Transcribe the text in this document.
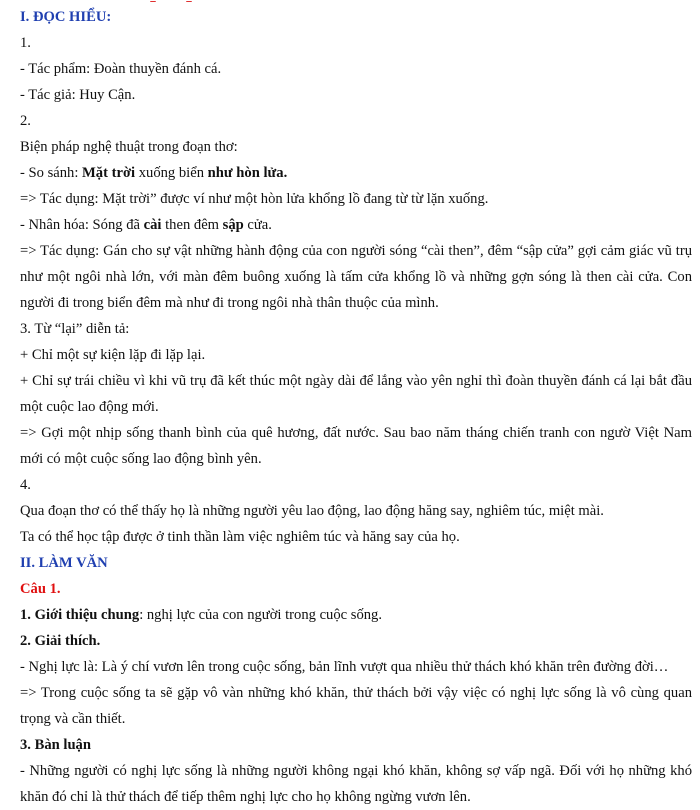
I. ĐỌC HIỂU:
1.
- Tác phẩm: Đoàn thuyền đánh cá.
- Tác giả: Huy Cận.
2.
Biện pháp nghệ thuật trong đoạn thơ:
- So sánh: Mặt trời xuống biển như hòn lửa.
=> Tác dụng: Mặt trời” được ví như một hòn lửa khổng lồ đang từ từ lặn xuống.
- Nhân hóa: Sóng đã cài then đêm sập cửa.
=> Tác dụng: Gán cho sự vật những hành động của con người sóng “cài then”, đêm “sập cửa” gợi cảm giác vũ trụ như một ngôi nhà lớn, với màn đêm buông xuống là tấm cửa khổng lồ và những gợn sóng là then cài cửa. Con người đi trong biển đêm mà như đi trong ngôi nhà thân thuộc của mình.
3. Từ “lại” diễn tả:
+ Chỉ một sự kiện lặp đi lặp lại.
+ Chỉ sự trái chiều vì khi vũ trụ đã kết thúc một ngày dài để lắng vào yên nghỉ thì đoàn thuyền đánh cá lại bắt đầu một cuộc lao động mới.
=> Gợi một nhịp sống thanh bình của quê hương, đất nước. Sau bao năm tháng chiến tranh con ngườ Việt Nam mới có một cuộc sống lao động bình yên.
4.
Qua đoạn thơ có thể thấy họ là những người yêu lao động, lao động hăng say, nghiêm túc, miệt mài.
Ta có thể học tập được ở tinh thần làm việc nghiêm túc và hăng say của họ.
II. LÀM VĂN
Câu 1.
1. Giới thiệu chung: nghị lực của con người trong cuộc sống.
2. Giải thích.
- Nghị lực là: Là ý chí vươn lên trong cuộc sống, bản lĩnh vượt qua nhiều thử thách khó khăn trên đường đời…
=> Trong cuộc sống ta sẽ gặp vô vàn những khó khăn, thử thách bởi vậy việc có nghị lực sống là vô cùng quan trọng và cần thiết.
3. Bàn luận
- Những người có nghị lực sống là những người không ngại khó khăn, không sợ vấp ngã. Đối với họ những khó khăn đó chỉ là thử thách để tiếp thêm nghị lực cho họ không ngừng vươn lên.
